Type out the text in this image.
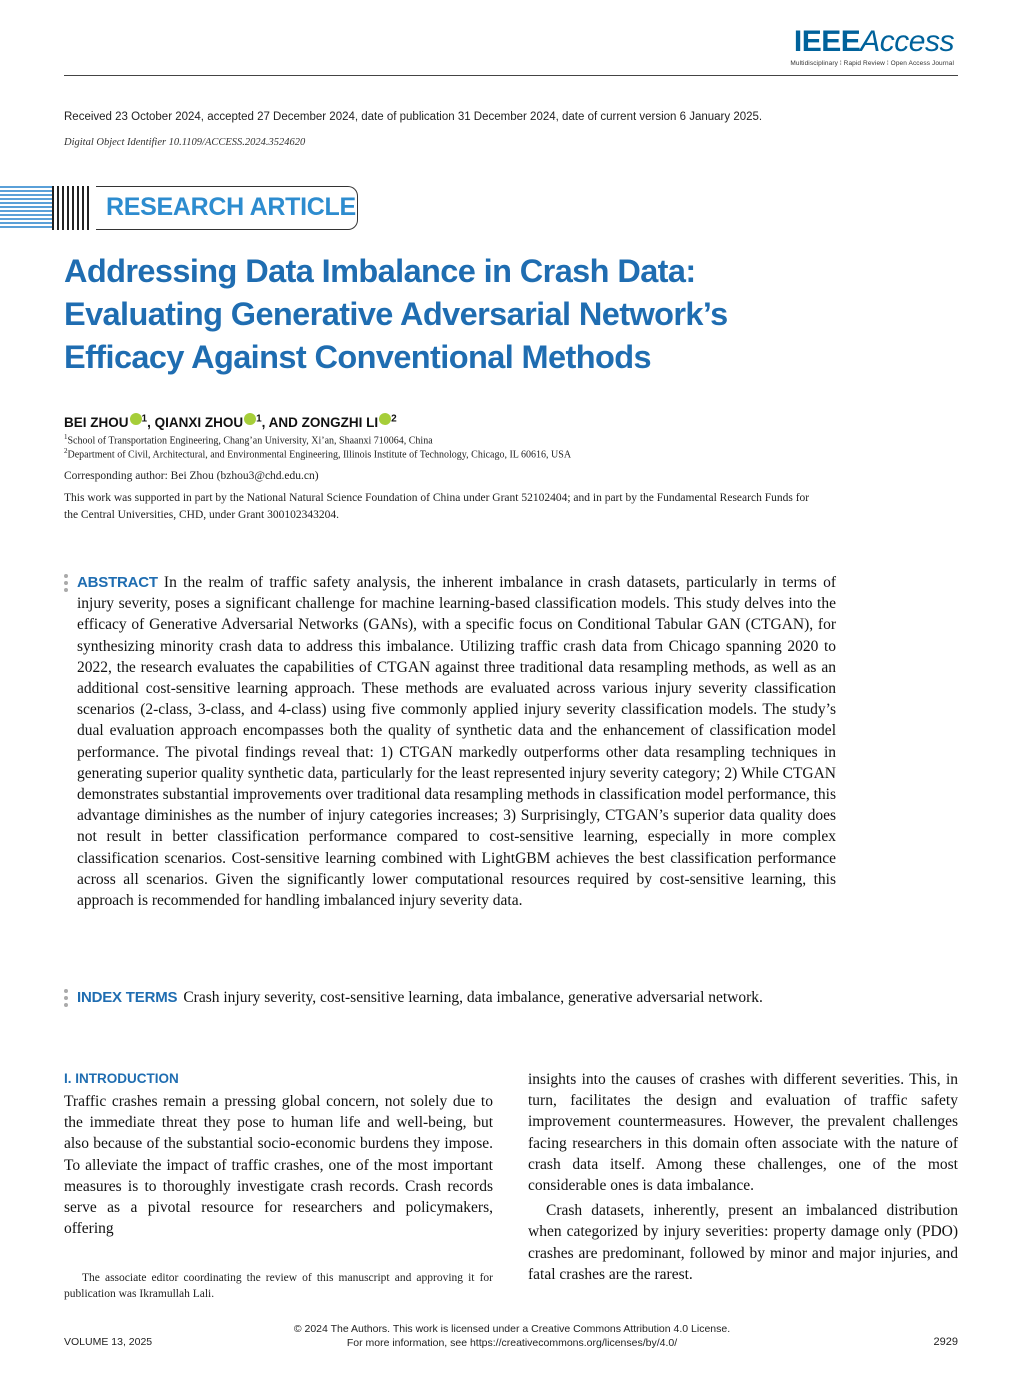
IEEEAccess
Multidisciplinary ⁞ Rapid Review ⁞ Open Access Journal
Received 23 October 2024, accepted 27 December 2024, date of publication 31 December 2024, date of current version 6 January 2025.
Digital Object Identifier 10.1109/ACCESS.2024.3524620
RESEARCH ARTICLE
Addressing Data Imbalance in Crash Data:
Evaluating Generative Adversarial Network’s
Efficacy Against Conventional Methods
BEI ZHOU $^1$, QIANXI ZHOU $^1$, AND ZONGZHI LI $^2$
$^1$School of Transportation Engineering, Chang’an University, Xi’an, Shaanxi 710064, China
$^2$Department of Civil, Architectural, and Environmental Engineering, Illinois Institute of Technology, Chicago, IL 60616, USA
Corresponding author: Bei Zhou (bzhou3@chd.edu.cn)
This work was supported in part by the National Natural Science Foundation of China under Grant 52102404; and in part by the Fundamental Research Funds for the Central Universities, CHD, under Grant 300102343204.
ABSTRACT In the realm of traffic safety analysis, the inherent imbalance in crash datasets, particularly in terms of injury severity, poses a significant challenge for machine learning-based classification models. This study delves into the efficacy of Generative Adversarial Networks (GANs), with a specific focus on Conditional Tabular GAN (CTGAN), for synthesizing minority crash data to address this imbalance. Utilizing traffic crash data from Chicago spanning 2020 to 2022, the research evaluates the capabilities of CTGAN against three traditional data resampling methods, as well as an additional cost-sensitive learning approach. These methods are evaluated across various injury severity classification scenarios (2-class, 3-class, and 4-class) using five commonly applied injury severity classification models. The study’s dual evaluation approach encompasses both the quality of synthetic data and the enhancement of classification model performance. The pivotal findings reveal that: 1) CTGAN markedly outperforms other data resampling techniques in generating superior quality synthetic data, particularly for the least represented injury severity category; 2) While CTGAN demonstrates substantial improvements over traditional data resampling methods in classification model performance, this advantage diminishes as the number of injury categories increases; 3) Surprisingly, CTGAN’s superior data quality does not result in better classification performance compared to cost-sensitive learning, especially in more complex classification scenarios. Cost-sensitive learning combined with LightGBM achieves the best classification performance across all scenarios. Given the significantly lower computational resources required by cost-sensitive learning, this approach is recommended for handling imbalanced injury severity data.
INDEX TERMS Crash injury severity, cost-sensitive learning, data imbalance, generative adversarial network.
I. INTRODUCTION

Traffic crashes remain a pressing global concern, not solely due to the immediate threat they pose to human life and well-being, but also because of the substantial socio-economic burdens they impose. To alleviate the impact of traffic crashes, one of the most important measures is to thoroughly investigate crash records. Crash records serve as a pivotal resource for researchers and policymakers, offering

insights into the causes of crashes with different severities. This, in turn, facilitates the design and evaluation of traffic safety improvement countermeasures. However, the prevalent challenges facing researchers in this domain often associate with the nature of crash data itself. Among these challenges, one of the most considerable ones is data imbalance.

Crash datasets, inherently, present an imbalanced distribution when categorized by injury severities: property damage only (PDO) crashes are predominant, followed by minor and major injuries, and fatal crashes are the rarest.

The associate editor coordinating the review of this manuscript and approving it for publication was Ikramullah Lali.
VOLUME 13, 2025
© 2024 The Authors. This work is licensed under a Creative Commons Attribution 4.0 License.
For more information, see https://creativecommons.org/licenses/by/4.0/	2929
